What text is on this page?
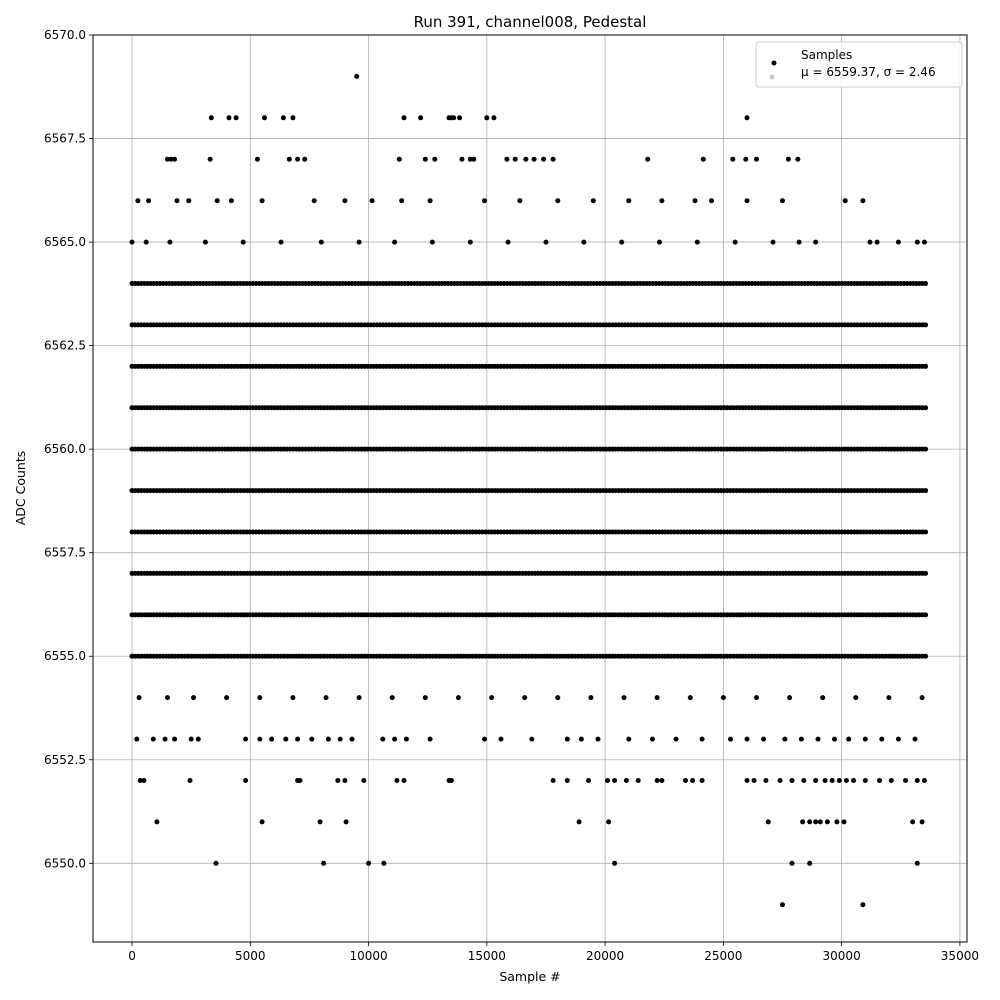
Run 391, channel008, Pedestal
0	5000	10000	15000	20000	25000	30000	35000
6550.0
6552.5
6555.0
6557.5
6560.0
6562.5
6565.0
6567.5
6570.0
Sample #
ADC Counts
Samples
μ = 6559.37, σ = 2.46
